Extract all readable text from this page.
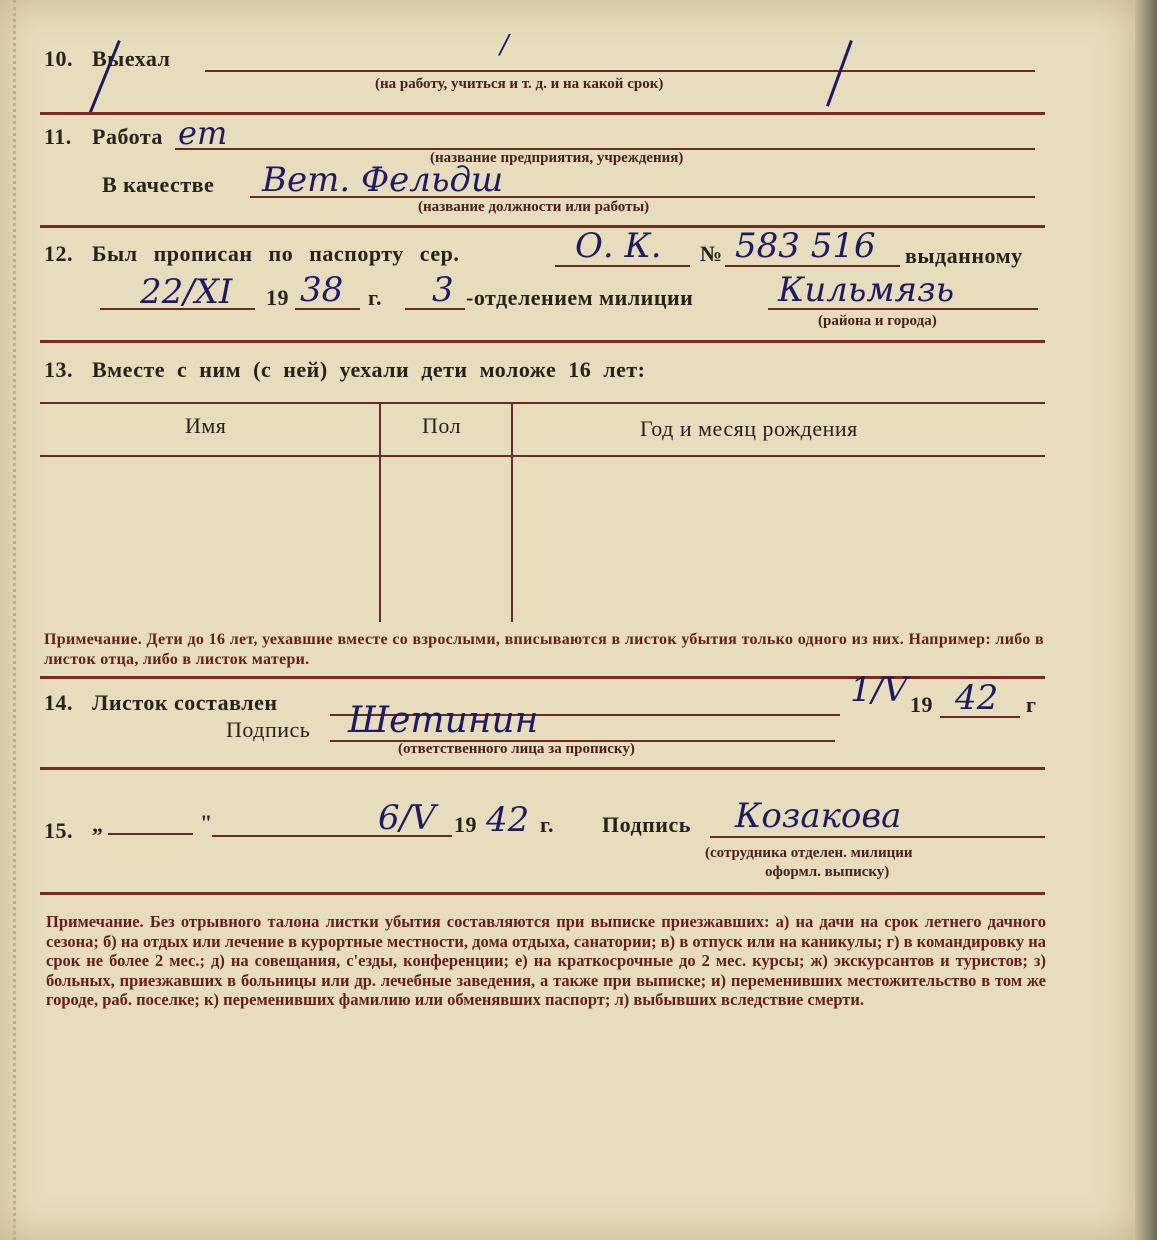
10. Выехал
(на работу, учиться и т. д. и на какой срок)
/
11. Работа ет
(название предприятия, учреждения)
В качестве Вет. Фельдш
(название должности или работы)
12. Был прописан по паспорту сер.	О. К. № 583 516 выданному
22/XI 19 38 г. 3 -отделением милиции Кильмязь
(района и города)
13. Вместе с ним (с ней) уехали дети моложе 16 лет:
Имя	Пол	Год и месяц рождения
Примечание. Дети до 16 лет, уехавшие вместе со взрослыми, вписываются в листок убытия только одного из них. Например: либо в листок отца, либо в листок матери.
14. Листок составлен	1/V 19 42 г
Подпись Шетинин
(ответственного лица за прописку)
15. „	"	6/V 19 42 г. Подпись Козакова
(сотрудника отделен. милиции
оформл. выписку)
Примечание. Без отрывного талона листки убытия составляются при выписке приезжавших: а) на дачи на срок летнего дачного сезона; б) на отдых или лечение в курортные местности, дома отдыха, санатории; в) в отпуск или на каникулы; г) в командировку на срок не более 2 мес.; д) на совещания, с'езды, конференции; е) на краткосрочные до 2 мес. курсы; ж) экскурсантов и туристов; з) больных, приезжавших в больницы или др. лечебные заведения, а также при выписке; и) переменивших местожительство в том же городе, раб. поселке; к) переменивших фамилию или обменявших паспорт; л) выбывших вследствие смерти.
